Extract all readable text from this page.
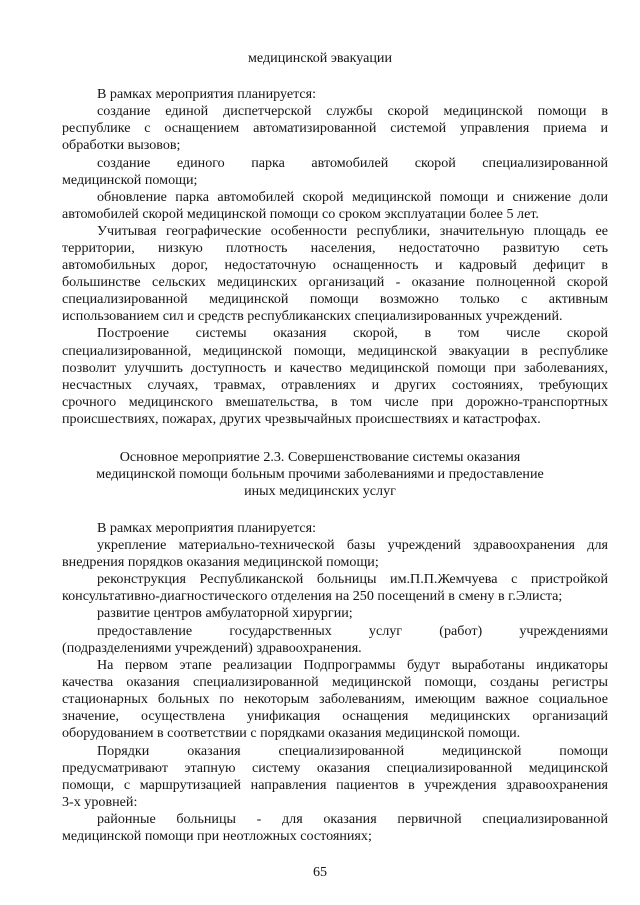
медицинской эвакуации

В рамках мероприятия планируется:

создание единой диспетчерской службы скорой медицинской помощи в

республике с оснащением автоматизированной системой управления приема и

обработки вызовов;

создание единого парка автомобилей скорой специализированной

медицинской помощи;

обновление парка автомобилей скорой медицинской помощи и снижение доли

автомобилей скорой медицинской помощи со сроком эксплуатации более 5 лет.

Учитывая географические особенности республики, значительную площадь ее

территории, низкую плотность населения, недостаточно развитую сеть

автомобильных дорог, недостаточную оснащенность и кадровый дефицит в

большинстве сельских медицинских организаций - оказание полноценной скорой

специализированной медицинской помощи возможно только с активным

использованием сил и средств республиканских специализированных учреждений.

Построение системы оказания скорой, в том числе скорой

специализированной, медицинской помощи, медицинской эвакуации в республике

позволит улучшить доступность и качество медицинской помощи при заболеваниях,

несчастных случаях, травмах, отравлениях и других состояниях, требующих

срочного медицинского вмешательства, в том числе при дорожно-транспортных

происшествиях, пожарах, других чрезвычайных происшествиях и катастрофах.

Основное мероприятие 2.3. Совершенствование системы оказания

медицинской помощи больным прочими заболеваниями и предоставление

иных медицинских услуг

В рамках мероприятия планируется:

укрепление материально-технической базы учреждений здравоохранения для

внедрения порядков оказания медицинской помощи;

реконструкция Республиканской больницы им.П.П.Жемчуева с пристройкой

консультативно-диагностического отделения на 250 посещений в смену в г.Элиста;

развитие центров амбулаторной хирургии;

предоставление государственных услуг (работ) учреждениями

(подразделениями учреждений) здравоохранения.

На первом этапе реализации Подпрограммы будут выработаны индикаторы

качества оказания специализированной медицинской помощи, созданы регистры

стационарных больных по некоторым заболеваниям, имеющим важное социальное

значение, осуществлена унификация оснащения медицинских организаций

оборудованием в соответствии с порядками оказания медицинской помощи.

Порядки оказания специализированной медицинской помощи

предусматривают этапную систему оказания специализированной медицинской

помощи, с маршрутизацией направления пациентов в учреждения здравоохранения

3-х уровней:

районные больницы - для оказания первичной специализированной

медицинской помощи при неотложных состояниях;

65
